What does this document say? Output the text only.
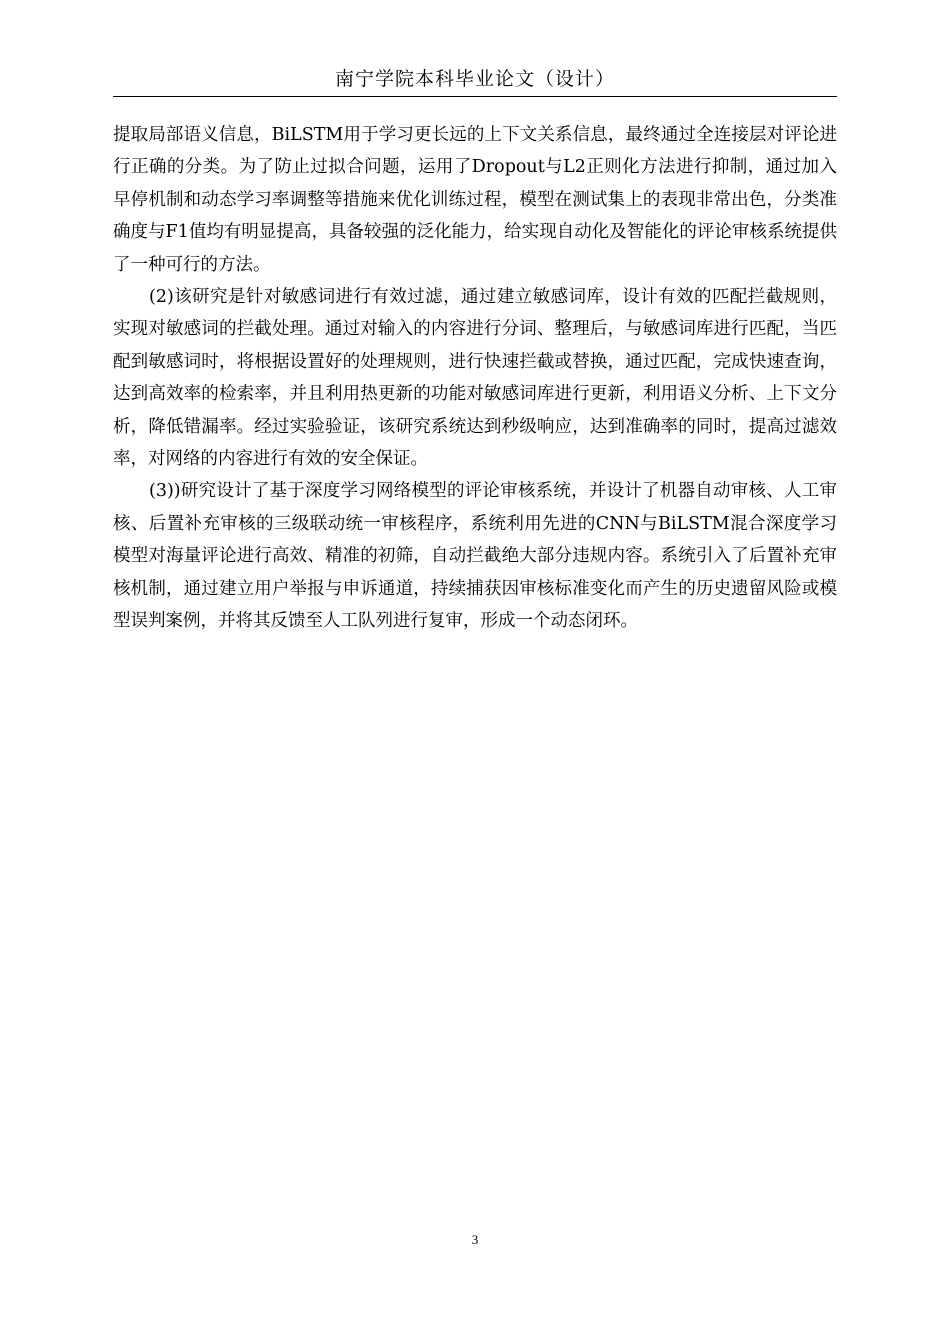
南宁学院本科毕业论文（设计）

提取局部语义信息，BiLSTM用于学习更长远的上下文关系信息，最终通过全连接层对评论进行正确的分类。为了防止过拟合问题，运用了Dropout与L2正则化方法进行抑制，通过加入早停机制和动态学习率调整等措施来优化训练过程，模型在测试集上的表现非常出色，分类准确度与F1值均有明显提高，具备较强的泛化能力，给实现自动化及智能化的评论审核系统提供了一种可行的方法。

(2)该研究是针对敏感词进行有效过滤，通过建立敏感词库，设计有效的匹配拦截规则，实现对敏感词的拦截处理。通过对输入的内容进行分词、整理后，与敏感词库进行匹配，当匹配到敏感词时，将根据设置好的处理规则，进行快速拦截或替换，通过匹配，完成快速查询，达到高效率的检索率，并且利用热更新的功能对敏感词库进行更新，利用语义分析、上下文分析，降低错漏率。经过实验验证，该研究系统达到秒级响应，达到准确率的同时，提高过滤效率，对网络的内容进行有效的安全保证。

(3))研究设计了基于深度学习网络模型的评论审核系统，并设计了机器自动审核、人工审核、后置补充审核的三级联动统一审核程序，系统利用先进的CNN与BiLSTM混合深度学习模型对海量评论进行高效、精准的初筛，自动拦截绝大部分违规内容。系统引入了后置补充审核机制，通过建立用户举报与申诉通道，持续捕获因审核标准变化而产生的历史遗留风险或模型误判案例，并将其反馈至人工队列进行复审，形成一个动态闭环。

3
